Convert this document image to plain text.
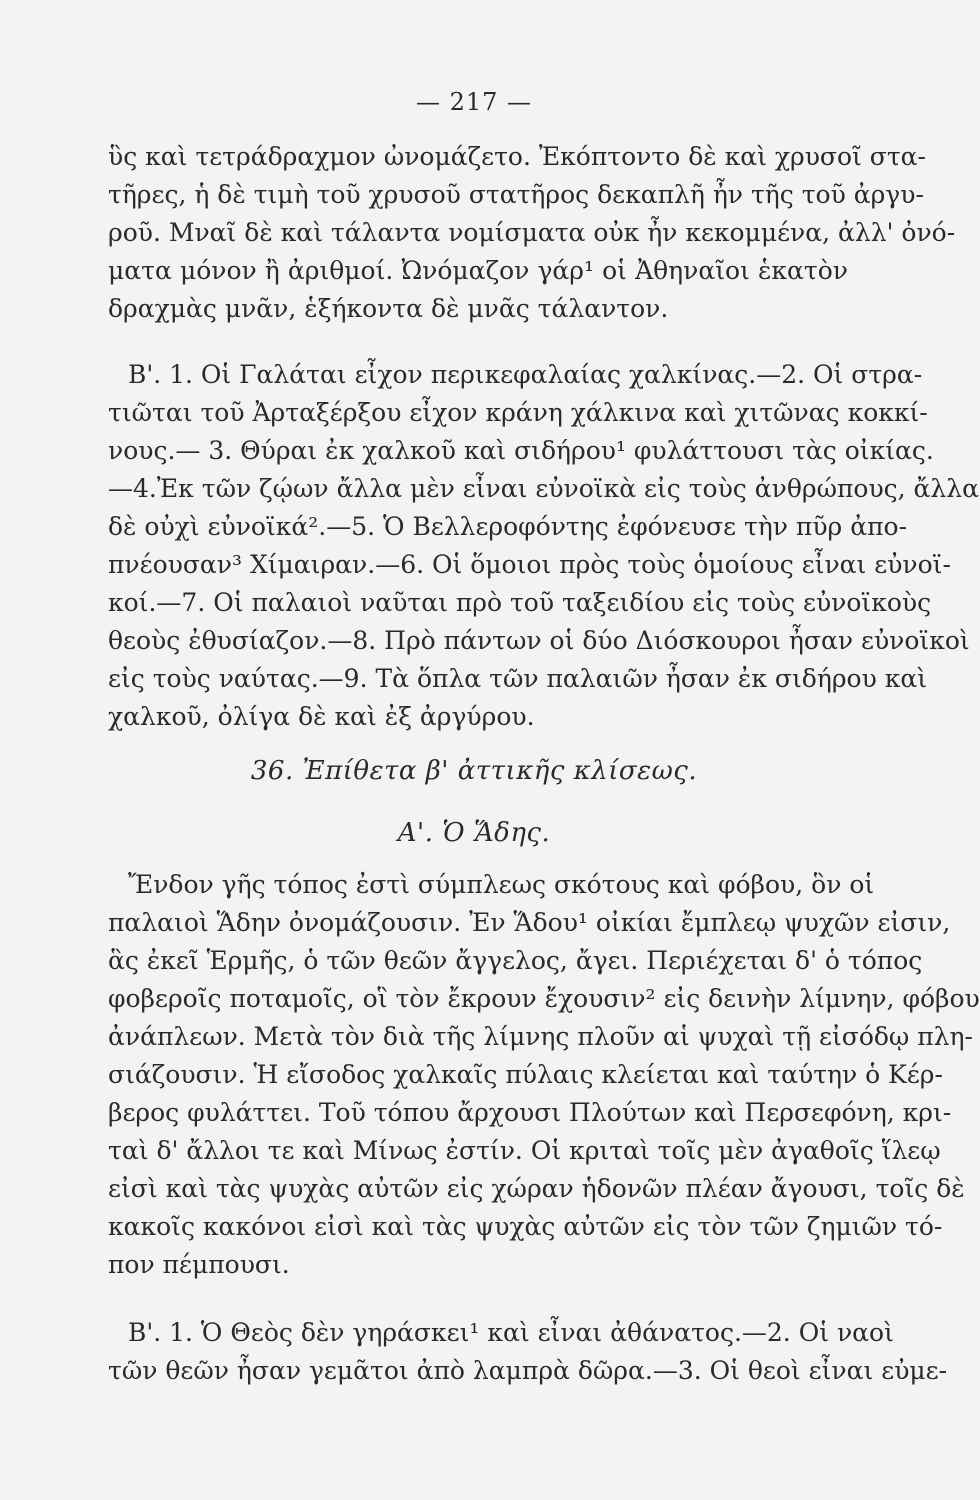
— 217 —
ὓς καὶ τετράδραχμον ὠνομάζετο. Ἐκόπτοντο δὲ καὶ χρυσοῖ στα-
τῆρες, ἡ δὲ τιμὴ τοῦ χρυσοῦ στατῆρος δεκαπλῆ ἦν τῆς τοῦ ἀργυ-
ροῦ. Μναῖ δὲ καὶ τάλαντα νομίσματα οὐκ ἦν κεκομμένα, ἀλλ' ὀνό-
ματα μόνον ἢ ἀριθμοί. Ὠνόμαζον γάρ¹ οἱ Ἀθηναῖοι ἑκατὸν
δραχμὰς μνᾶν, ἑξήκοντα δὲ μνᾶς τάλαντον.
Β'. 1. Οἱ Γαλάται εἶχον περικεφαλαίας χαλκίνας.—2. Οἱ στρα-
τιῶται τοῦ Ἀρταξέρξου εἶχον κράνη χάλκινα καὶ χιτῶνας κοκκί-
νους.— 3. Θύραι ἐκ χαλκοῦ καὶ σιδήρου¹ φυλάττουσι τὰς οἰκίας.
—4.Ἐκ τῶν ζῴων ἄλλα μὲν εἶναι εὐνοϊκὰ εἰς τοὺς ἀνθρώπους, ἄλλα
δὲ οὐχὶ εὐνοϊκά².—5. Ὁ Βελλεροφόντης ἐφόνευσε τὴν πῦρ ἀπο-
πνέουσαν³ Χίμαιραν.—6. Οἱ ὅμοιοι πρὸς τοὺς ὁμοίους εἶναι εὐνοϊ-
κοί.—7. Οἱ παλαιοὶ ναῦται πρὸ τοῦ ταξειδίου εἰς τοὺς εὐνοϊκοὺς
θεοὺς ἐθυσίαζον.—8. Πρὸ πάντων οἱ δύο Διόσκουροι ἦσαν εὐνοϊκοὶ
εἰς τοὺς ναύτας.—9. Τὰ ὅπλα τῶν παλαιῶν ἦσαν ἐκ σιδήρου καὶ
χαλκοῦ, ὀλίγα δὲ καὶ ἐξ ἀργύρου.
36. Ἐπίθετα β' ἀττικῆς κλίσεως.
Α'. Ὁ Ἅδης.
Ἔνδον γῆς τόπος ἐστὶ σύμπλεως σκότους καὶ φόβου, ὃν οἱ
παλαιοὶ Ἅδην ὀνομάζουσιν. Ἐν Ἅδου¹ οἰκίαι ἔμπλεῳ ψυχῶν εἰσιν,
ἃς ἐκεῖ Ἑρμῆς, ὁ τῶν θεῶν ἄγγελος, ἄγει. Περιέχεται δ' ὁ τόπος
φοβεροῖς ποταμοῖς, οἳ τὸν ἔκρουν ἔχουσιν² εἰς δεινὴν λίμνην, φόβου
ἀνάπλεων. Μετὰ τὸν διὰ τῆς λίμνης πλοῦν αἱ ψυχαὶ τῇ εἰσόδῳ πλη-
σιάζουσιν. Ἡ εἴσοδος χαλκαῖς πύλαις κλείεται καὶ ταύτην ὁ Κέρ-
βερος φυλάττει. Τοῦ τόπου ἄρχουσι Πλούτων καὶ Περσεφόνη, κρι-
ταὶ δ' ἄλλοι τε καὶ Μίνως ἐστίν. Οἱ κριταὶ τοῖς μὲν ἀγαθοῖς ἵλεῳ
εἰσὶ καὶ τὰς ψυχὰς αὐτῶν εἰς χώραν ἡδονῶν πλέαν ἄγουσι, τοῖς δὲ
κακοῖς κακόνοι εἰσὶ καὶ τὰς ψυχὰς αὐτῶν εἰς τὸν τῶν ζημιῶν τό-
πον πέμπουσι.
Β'. 1. Ὁ Θεὸς δὲν γηράσκει¹ καὶ εἶναι ἀθάνατος.—2. Οἱ ναοὶ
τῶν θεῶν ἦσαν γεμᾶτοι ἀπὸ λαμπρὰ δῶρα.—3. Οἱ θεοὶ εἶναι εὐμε-
